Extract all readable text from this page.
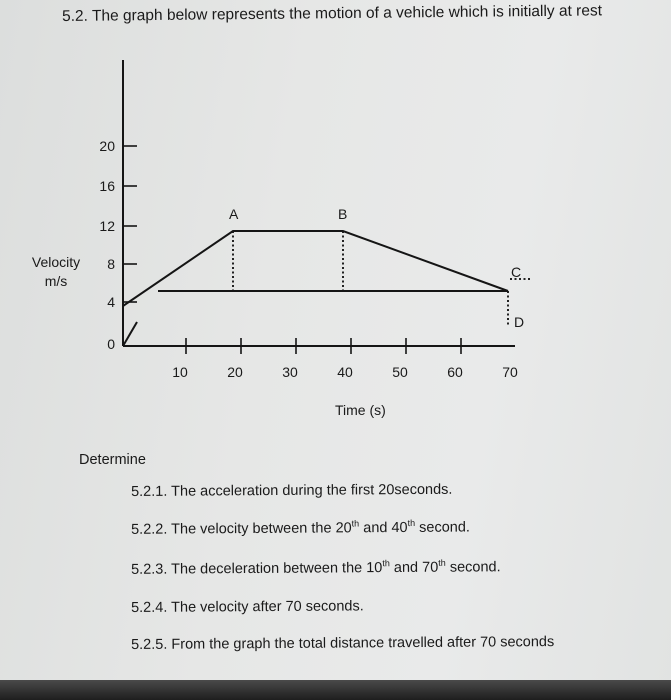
5.2. The graph below represents the motion of a vehicle which is initially at rest
20
16
12
8
4
0
10	20	30	40	50	60	70
A	B
C
D
Velocity
m/s
Time (s)
Determine
5.2.1. The acceleration during the first 20seconds.
5.2.2. The velocity between the 20th and 40th second.
5.2.3. The deceleration between the 10th and 70th second.
5.2.4. The velocity after 70 seconds.
5.2.5. From the graph the total distance travelled after 70 seconds
